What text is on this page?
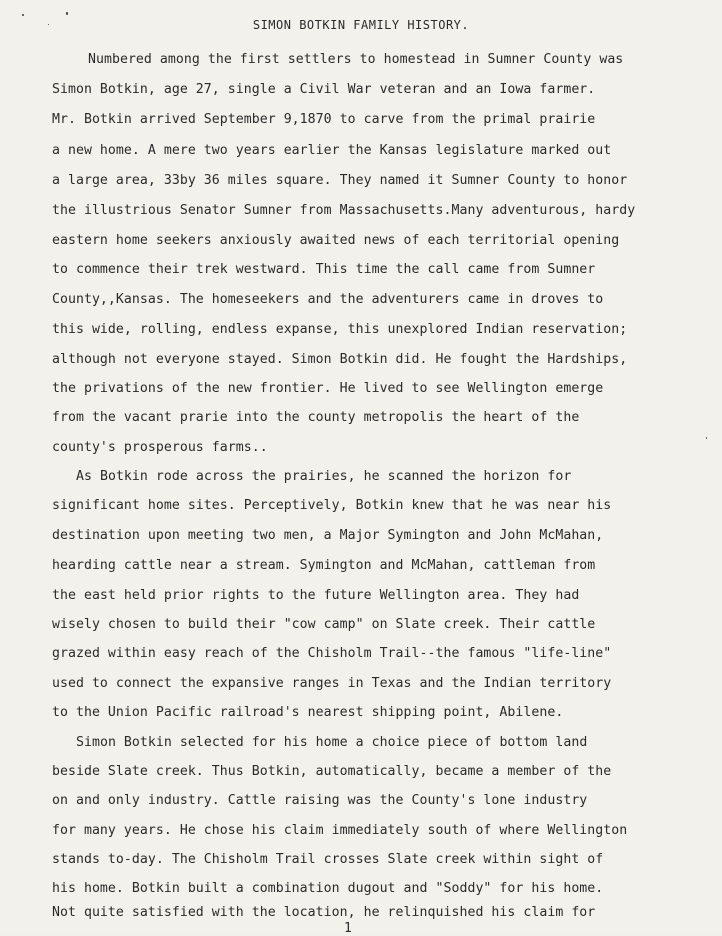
SIMON BOTKIN FAMILY HISTORY.
Numbered among the first settlers to homestead in Sumner County was
Simon Botkin, age 27, single a Civil War veteran and an Iowa farmer.
Mr. Botkin arrived September 9,1870 to carve from the primal prairie
a new home. A mere two years earlier the Kansas legislature marked out
a large area, 33by 36 miles square. They named it Sumner County to honor
the illustrious Senator Sumner from Massachusetts.Many adventurous, hardy
eastern home seekers anxiously awaited news of each territorial opening
to commence their trek westward. This time the call came from Sumner
County,,Kansas. The homeseekers and the adventurers came in droves to
this wide, rolling, endless expanse, this unexplored Indian reservation;
although not everyone stayed. Simon Botkin did. He fought the Hardships,
the privations of the new frontier. He lived to see Wellington emerge
from the vacant prarie into the county metropolis the heart of the
county's prosperous farms..
As Botkin rode across the prairies, he scanned the horizon for
significant home sites. Perceptively, Botkin knew that he was near his
destination upon meeting two men, a Major Symington and John McMahan,
hearding cattle near a stream. Symington and McMahan, cattleman from
the east held prior rights to the future Wellington area. They had
wisely chosen to build their "cow camp" on Slate creek. Their cattle
grazed within easy reach of the Chisholm Trail--the famous "life-line"
used to connect the expansive ranges in Texas and the Indian territory
to the Union Pacific railroad's nearest shipping point, Abilene.
Simon Botkin selected for his home a choice piece of bottom land
beside Slate creek. Thus Botkin, automatically, became a member of the
on and only industry. Cattle raising was the County's lone industry
for many years. He chose his claim immediately south of where Wellington
stands to-day. The Chisholm Trail crosses Slate creek within sight of
his home. Botkin built a combination dugout and "Soddy" for his home.
Not quite satisfied with the location, he relinquished his claim for
1
